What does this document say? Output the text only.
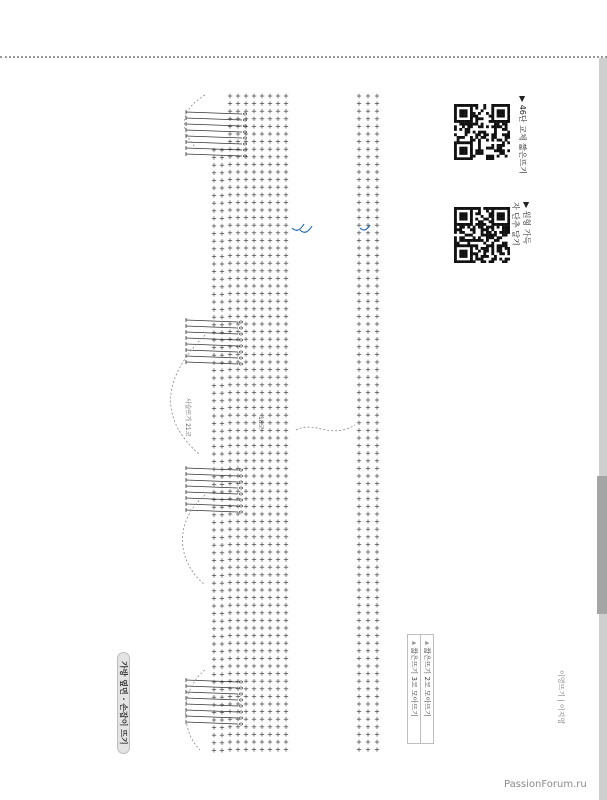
가방 옆면 · 손잡이 뜨기
⩓ 짧은뜨기 2코 모아뜨기
⩓ 짧은뜨기 3코 모아뜨기
18코
사슬뜨기 21코
▶ 46단 교체 짧은뜨기
▶ 원형 가득
자 단추 달기
이영뜨기 | 이지영
PassionForum.ru
